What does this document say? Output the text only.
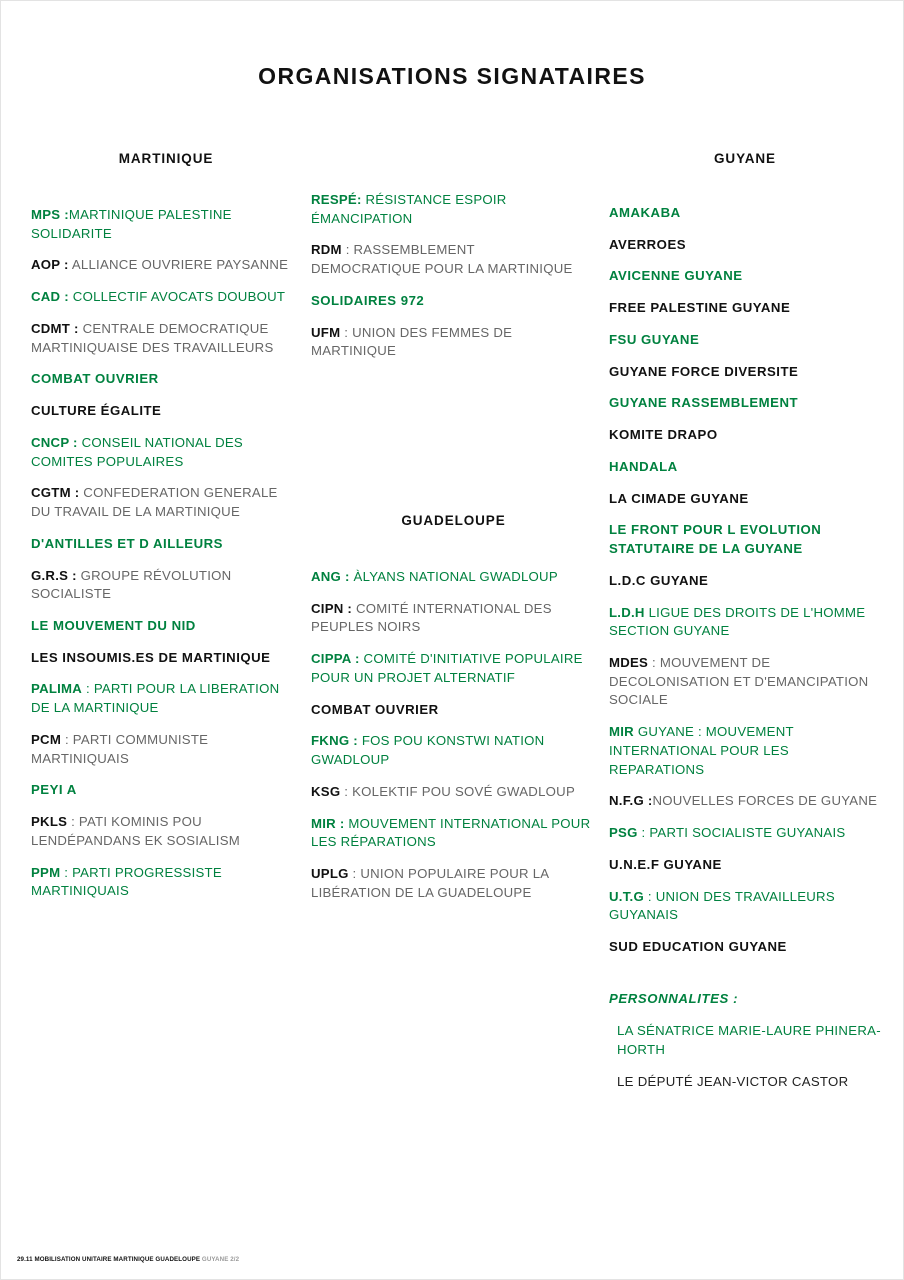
ORGANISATIONS SIGNATAIRES
MARTINIQUE
MPS :MARTINIQUE PALESTINE SOLIDARITE
AOP : ALLIANCE OUVRIERE PAYSANNE
CAD : COLLECTIF AVOCATS DOUBOUT
CDMT : CENTRALE DEMOCRATIQUE MARTINIQUAISE DES TRAVAILLEURS
COMBAT OUVRIER
CULTURE ÉGALITE
CNCP : CONSEIL NATIONAL DES COMITES POPULAIRES
CGTM : CONFEDERATION GENERALE DU TRAVAIL DE LA MARTINIQUE
D'ANTILLES ET D AILLEURS
G.R.S : GROUPE RÉVOLUTION SOCIALISTE
LE MOUVEMENT DU NID
LES INSOUMIS.ES DE MARTINIQUE
PALIMA : PARTI POUR LA LIBERATION DE LA MARTINIQUE
PCM : PARTI COMMUNISTE MARTINIQUAIS
PEYI A
PKLS : PATI KOMINIS POU LENDÉPANDANS EK SOSIALISM
PPM : PARTI PROGRESSISTE MARTINIQUAIS
RESPÉ: RÉSISTANCE ESPOIR ÉMANCIPATION
RDM : RASSEMBLEMENT DEMOCRATIQUE POUR LA MARTINIQUE
SOLIDAIRES 972
UFM : UNION DES FEMMES DE MARTINIQUE
GUADELOUPE
ANG : ÀLYANS NATIONAL GWADLOUP
CIPN : COMITÉ INTERNATIONAL DES PEUPLES NOIRS
CIPPA : COMITÉ D'INITIATIVE POPULAIRE POUR UN PROJET ALTERNATIF
COMBAT OUVRIER
FKNG : FOS POU KONSTWI NATION GWADLOUP
KSG : KOLEKTIF POU SOVÉ GWADLOUP
MIR : MOUVEMENT INTERNATIONAL POUR LES RÉPARATIONS
UPLG : UNION POPULAIRE POUR LA LIBÉRATION DE LA GUADELOUPE
GUYANE
AMAKABA
AVERROES
AVICENNE GUYANE
FREE PALESTINE GUYANE
FSU GUYANE
GUYANE FORCE DIVERSITE
GUYANE RASSEMBLEMENT
KOMITE DRAPO
HANDALA
LA CIMADE GUYANE
LE FRONT POUR L EVOLUTION STATUTAIRE DE LA GUYANE
L.D.C GUYANE
L.D.H LIGUE DES DROITS DE L'HOMME SECTION GUYANE
MDES : MOUVEMENT DE DECOLONISATION ET D'EMANCIPATION SOCIALE
MIR GUYANE : MOUVEMENT INTERNATIONAL POUR LES REPARATIONS
N.F.G :NOUVELLES FORCES DE GUYANE
PSG : PARTI SOCIALISTE GUYANAIS
U.N.E.F GUYANE
U.T.G : UNION DES TRAVAILLEURS GUYANAIS
SUD EDUCATION GUYANE
PERSONNALITES :
LA SÉNATRICE MARIE-LAURE PHINERA-HORTH
LE DÉPUTÉ JEAN-VICTOR CASTOR
29.11 MOBILISATION UNITAIRE MARTINIQUE GUADELOUPE GUYANE 2/2
